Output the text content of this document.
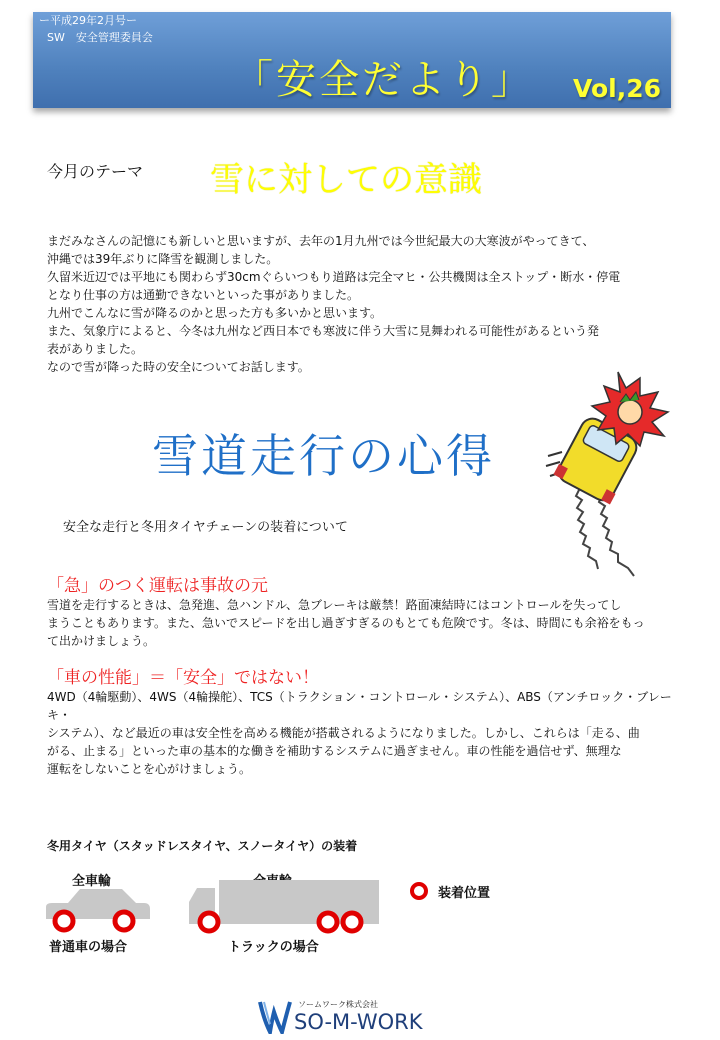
ー平成29年2月号ー
SW　安全管理委員会
「安全だより」 Vol,26
今月のテーマ 雪に対しての意識

まだみなさんの記憶にも新しいと思いますが、去年の1月九州では今世紀最大の大寒波がやってきて、

沖縄では39年ぶりに降雪を観測しました。

久留米近辺では平地にも関わらず30cmぐらいつもり道路は完全マヒ・公共機関は全ストップ・断水・停電

となり仕事の方は通勤できないといった事がありました。

九州でこんなに雪が降るのかと思った方も多いかと思います。

また、気象庁によると、今冬は九州など西日本でも寒波に伴う大雪に見舞われる可能性があるという発

表がありました。

なので雪が降った時の安全についてお話します。

雪道走行の心得
安全な走行と冬用タイヤチェーンの装着について
「急」のつく運転は事故の元
雪道を走行するときは、急発進、急ハンドル、急ブレーキは厳禁！路面凍結時にはコントロールを失ってし
まうこともあります。また、急いでスピードを出し過ぎすぎるのもとても危険です。冬は、時間にも余裕をもっ
て出かけましょう。
「車の性能」＝「安全」ではない！
4WD（4輪駆動）、4WS（4輪操舵）、TCS（トラクション・コントロール・システム）、ABS（アンチロック・ブレーキ・
システム）、など最近の車は安全性を高める機能が搭載されるようになりました。しかし、これらは「走る、曲
がる、止まる」といった車の基本的な働きを補助するシステムに過ぎません。車の性能を過信せず、無理な
運転をしないことを心がけましょう。
冬用タイヤ（スタッドレスタイヤ、スノータイヤ）の装着
全車輪
普通車の場合	トラックの場合
装着位置
ソームワーク株式会社
SO-M-WORK
